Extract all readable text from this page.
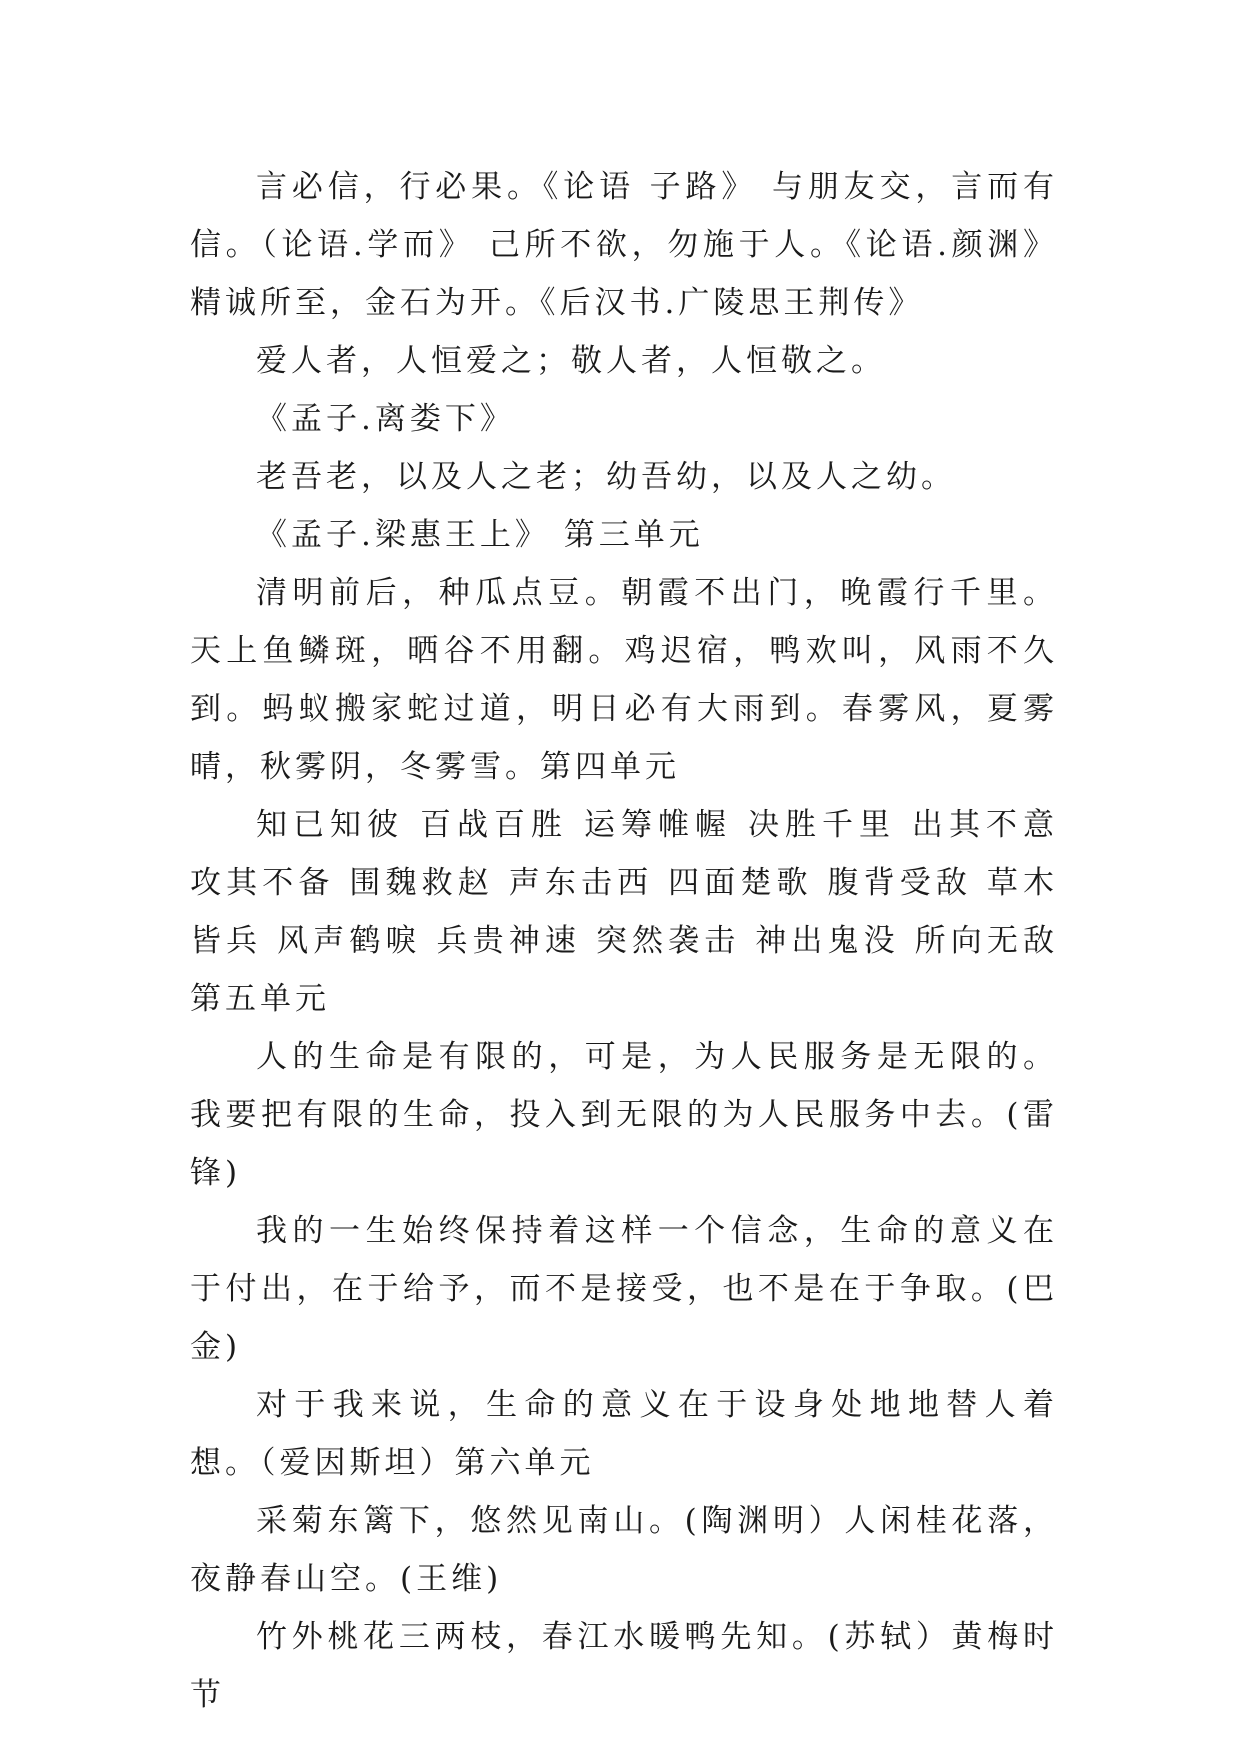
言必信，行必果。《论语 子路》 与朋友交，言而有信。（论语.学而》 己所不欲，勿施于人。《论语.颜渊》 精诚所至，金石为开。《后汉书.广陵思王荆传》

爱人者，人恒爱之；敬人者，人恒敬之。

《孟子.离娄下》

老吾老，以及人之老；幼吾幼，以及人之幼。

《孟子.梁惠王上》 第三单元

清明前后，种瓜点豆。朝霞不出门，晚霞行千里。天上鱼鳞斑，晒谷不用翻。鸡迟宿，鸭欢叫，风雨不久到。蚂蚁搬家蛇过道，明日必有大雨到。春雾风，夏雾晴，秋雾阴，冬雾雪。第四单元

知已知彼 百战百胜 运筹帷幄 决胜千里 出其不意 攻其不备 围魏救赵 声东击西 四面楚歌 腹背受敌 草木皆兵 风声鹤唳 兵贵神速 突然袭击 神出鬼没 所向无敌 第五单元

人的生命是有限的，可是，为人民服务是无限的。我要把有限的生命，投入到无限的为人民服务中去。(雷锋)

我的一生始终保持着这样一个信念，生命的意义在于付出，在于给予，而不是接受，也不是在于争取。(巴金)

对于我来说，生命的意义在于设身处地地替人着想。（爱因斯坦）第六单元

采菊东篱下，悠然见南山。(陶渊明）人闲桂花落，夜静春山空。(王维)

竹外桃花三两枝，春江水暖鸭先知。(苏轼）黄梅时节
